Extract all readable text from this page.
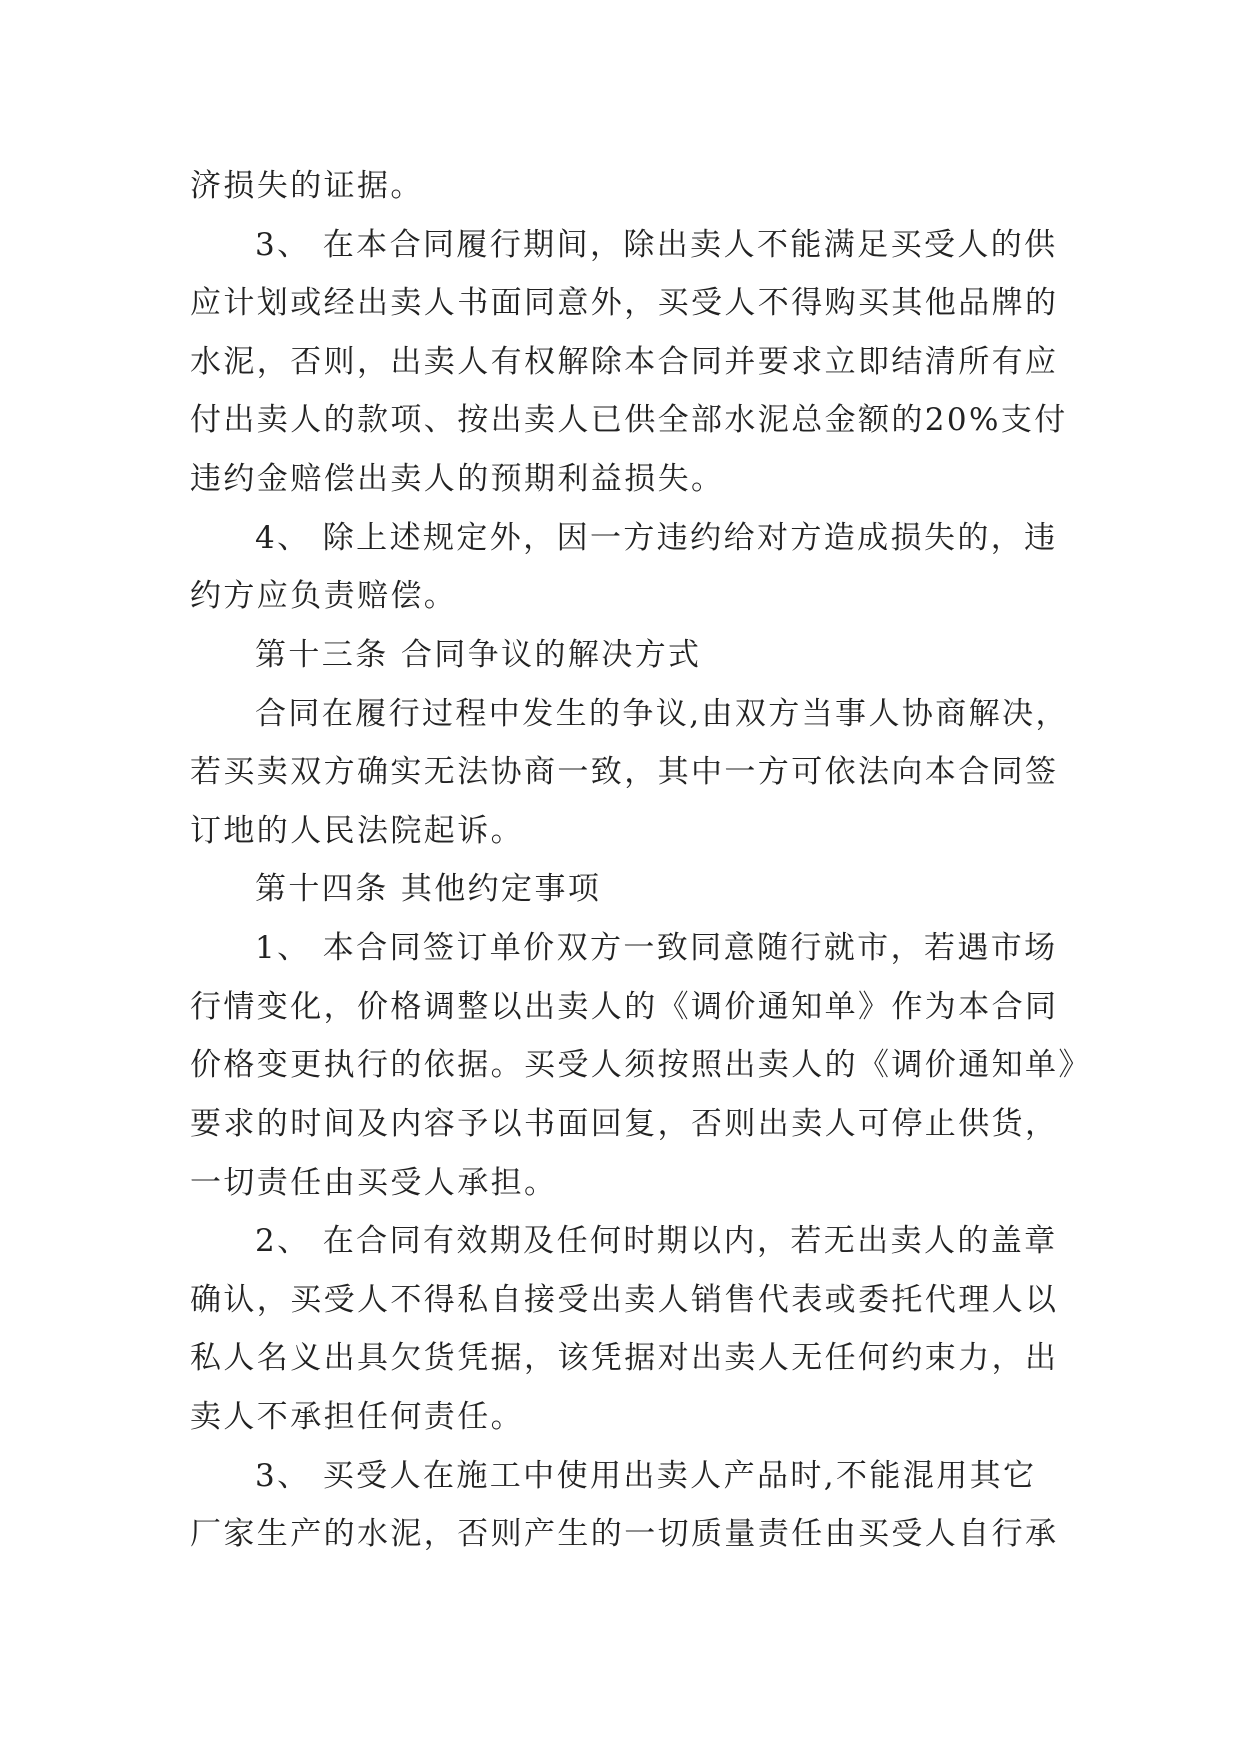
济损失的证据。
3、 在本合同履行期间，除出卖人不能满足买受人的供
应计划或经出卖人书面同意外，买受人不得购买其他品牌的
水泥，否则，出卖人有权解除本合同并要求立即结清所有应
付出卖人的款项、按出卖人已供全部水泥总金额的20%支付
违约金赔偿出卖人的预期利益损失。
4、 除上述规定外，因一方违约给对方造成损失的，违
约方应负责赔偿。
第十三条 合同争议的解决方式
合同在履行过程中发生的争议,由双方当事人协商解决，
若买卖双方确实无法协商一致，其中一方可依法向本合同签
订地的人民法院起诉。
第十四条 其他约定事项
1、 本合同签订单价双方一致同意随行就市，若遇市场
行情变化，价格调整以出卖人的《调价通知单》作为本合同
价格变更执行的依据。买受人须按照出卖人的《调价通知单》
要求的时间及内容予以书面回复，否则出卖人可停止供货，
一切责任由买受人承担。
2、 在合同有效期及任何时期以内，若无出卖人的盖章
确认，买受人不得私自接受出卖人销售代表或委托代理人以
私人名义出具欠货凭据，该凭据对出卖人无任何约束力，出
卖人不承担任何责任。
3、 买受人在施工中使用出卖人产品时,不能混用其它
厂家生产的水泥，否则产生的一切质量责任由买受人自行承
